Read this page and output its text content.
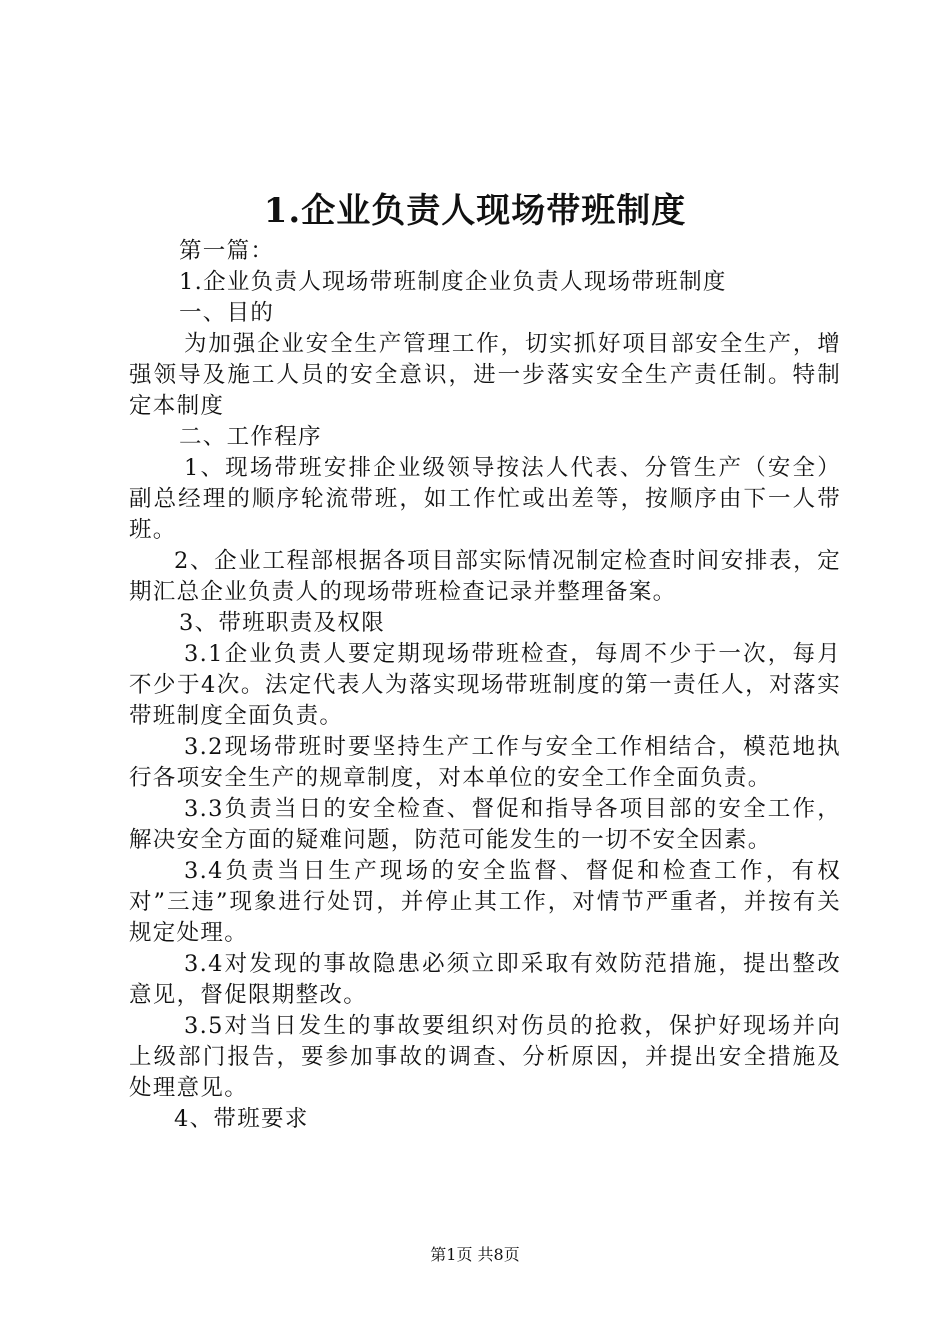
1.企业负责人现场带班制度
第一篇：
1.企业负责人现场带班制度企业负责人现场带班制度
一、目的
为加强企业安全生产管理工作，切实抓好项目部安全生产，增强领导及施工人员的安全意识，进一步落实安全生产责任制。特制定本制度
二、工作程序
1、现场带班安排企业级领导按法人代表、分管生产（安全）副总经理的顺序轮流带班，如工作忙或出差等，按顺序由下一人带班。
2、企业工程部根据各项目部实际情况制定检查时间安排表，定期汇总企业负责人的现场带班检查记录并整理备案。
3、带班职责及权限
3.1企业负责人要定期现场带班检查，每周不少于一次，每月不少于4次。法定代表人为落实现场带班制度的第一责任人，对落实带班制度全面负责。
3.2现场带班时要坚持生产工作与安全工作相结合，模范地执行各项安全生产的规章制度，对本单位的安全工作全面负责。
3.3负责当日的安全检查、督促和指导各项目部的安全工作，解决安全方面的疑难问题，防范可能发生的一切不安全因素。
3.4负责当日生产现场的安全监督、督促和检查工作，有权对”三违”现象进行处罚，并停止其工作，对情节严重者，并按有关规定处理。
3.4对发现的事故隐患必须立即采取有效防范措施，提出整改意见，督促限期整改。
3.5对当日发生的事故要组织对伤员的抢救，保护好现场并向上级部门报告，要参加事故的调查、分析原因，并提出安全措施及处理意见。
4、带班要求
第1页 共8页
